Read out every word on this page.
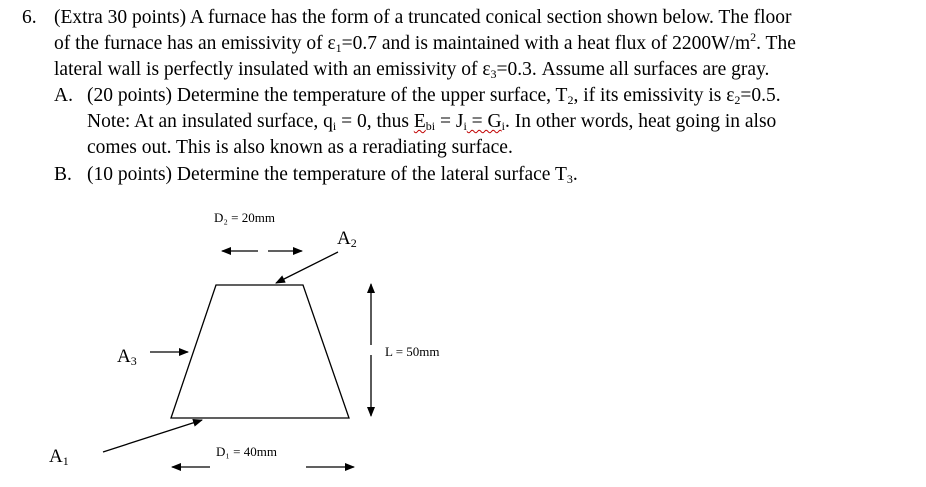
6. (Extra 30 points) A furnace has the form of a truncated conical section shown below. The floor
of the furnace has an emissivity of $\varepsilon_1=0.7$ and is maintained with a heat flux of $2200W/m^2$. The
lateral wall is perfectly insulated with an emissivity of $\varepsilon_3=0.3$. Assume all surfaces are gray.
A. (20 points) Determine the temperature of the upper surface, $T_2$, if its emissivity is $\varepsilon_2=0.5$.
Note: At an insulated surface, $q_i = 0$, thus $E_{bi} = J_i = G_i$. In other words, heat going in also
comes out. This is also known as a reradiating surface.
B. (10 points) Determine the temperature of the lateral surface $T_3$.
D₂ = 20mm
A2
A3
L = 50mm
A1
D₁ = 40mm
